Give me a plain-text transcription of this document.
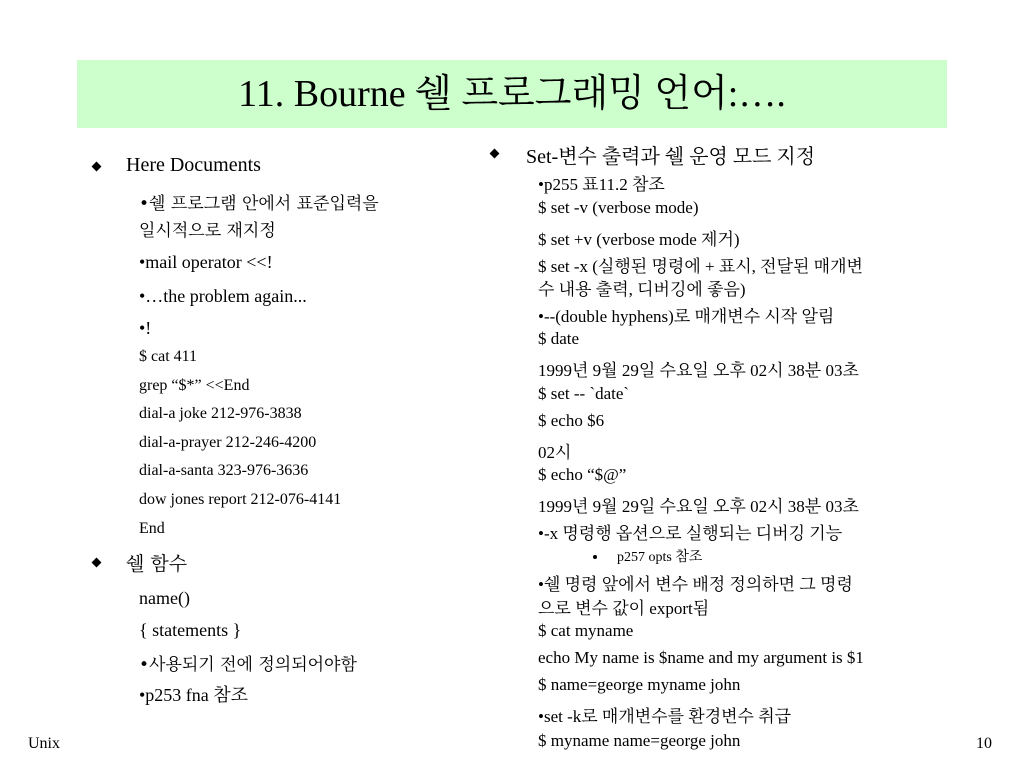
11. Bourne 쉘 프로그래밍 언어:….
Here Documents
•쉘 프로그램 안에서 표준입력을
일시적으로 재지정
•mail operator <<!
•…the problem again...
•!
$ cat 411
grep “$*” <<End
dial-a joke 212-976-3838
dial-a-prayer 212-246-4200
dial-a-santa 323-976-3636
dow jones report 212-076-4141
End
쉘 함수
name()
{ statements }
•사용되기 전에 정의되어야함
•p253 fna 참조
Set-변수 출력과 쉘 운영 모드 지정
•p255 표11.2 참조
$ set -v (verbose mode)
$ set +v (verbose mode 제거)
$ set -x (실행된 명령에 + 표시, 전달된 매개변
수 내용 출력, 디버깅에 좋음)
•--(double hyphens)로 매개변수 시작 알림
$ date
1999년 9월 29일 수요일 오후 02시 38분 03초
$ set -- `date`
$ echo $6
02시
$ echo “$@”
1999년 9월 29일 수요일 오후 02시 38분 03초
•-x 명령행 옵션으로 실행되는 디버깅 기능
p257 opts 참조
•쉘 명령 앞에서 변수 배정 정의하면 그 명령
으로 변수 값이 export됨
$ cat myname
echo My name is $name and my argument is $1
$ name=george myname john
•set -k로 매개변수를 환경변수 취급
$ myname name=george john
Unix	10
